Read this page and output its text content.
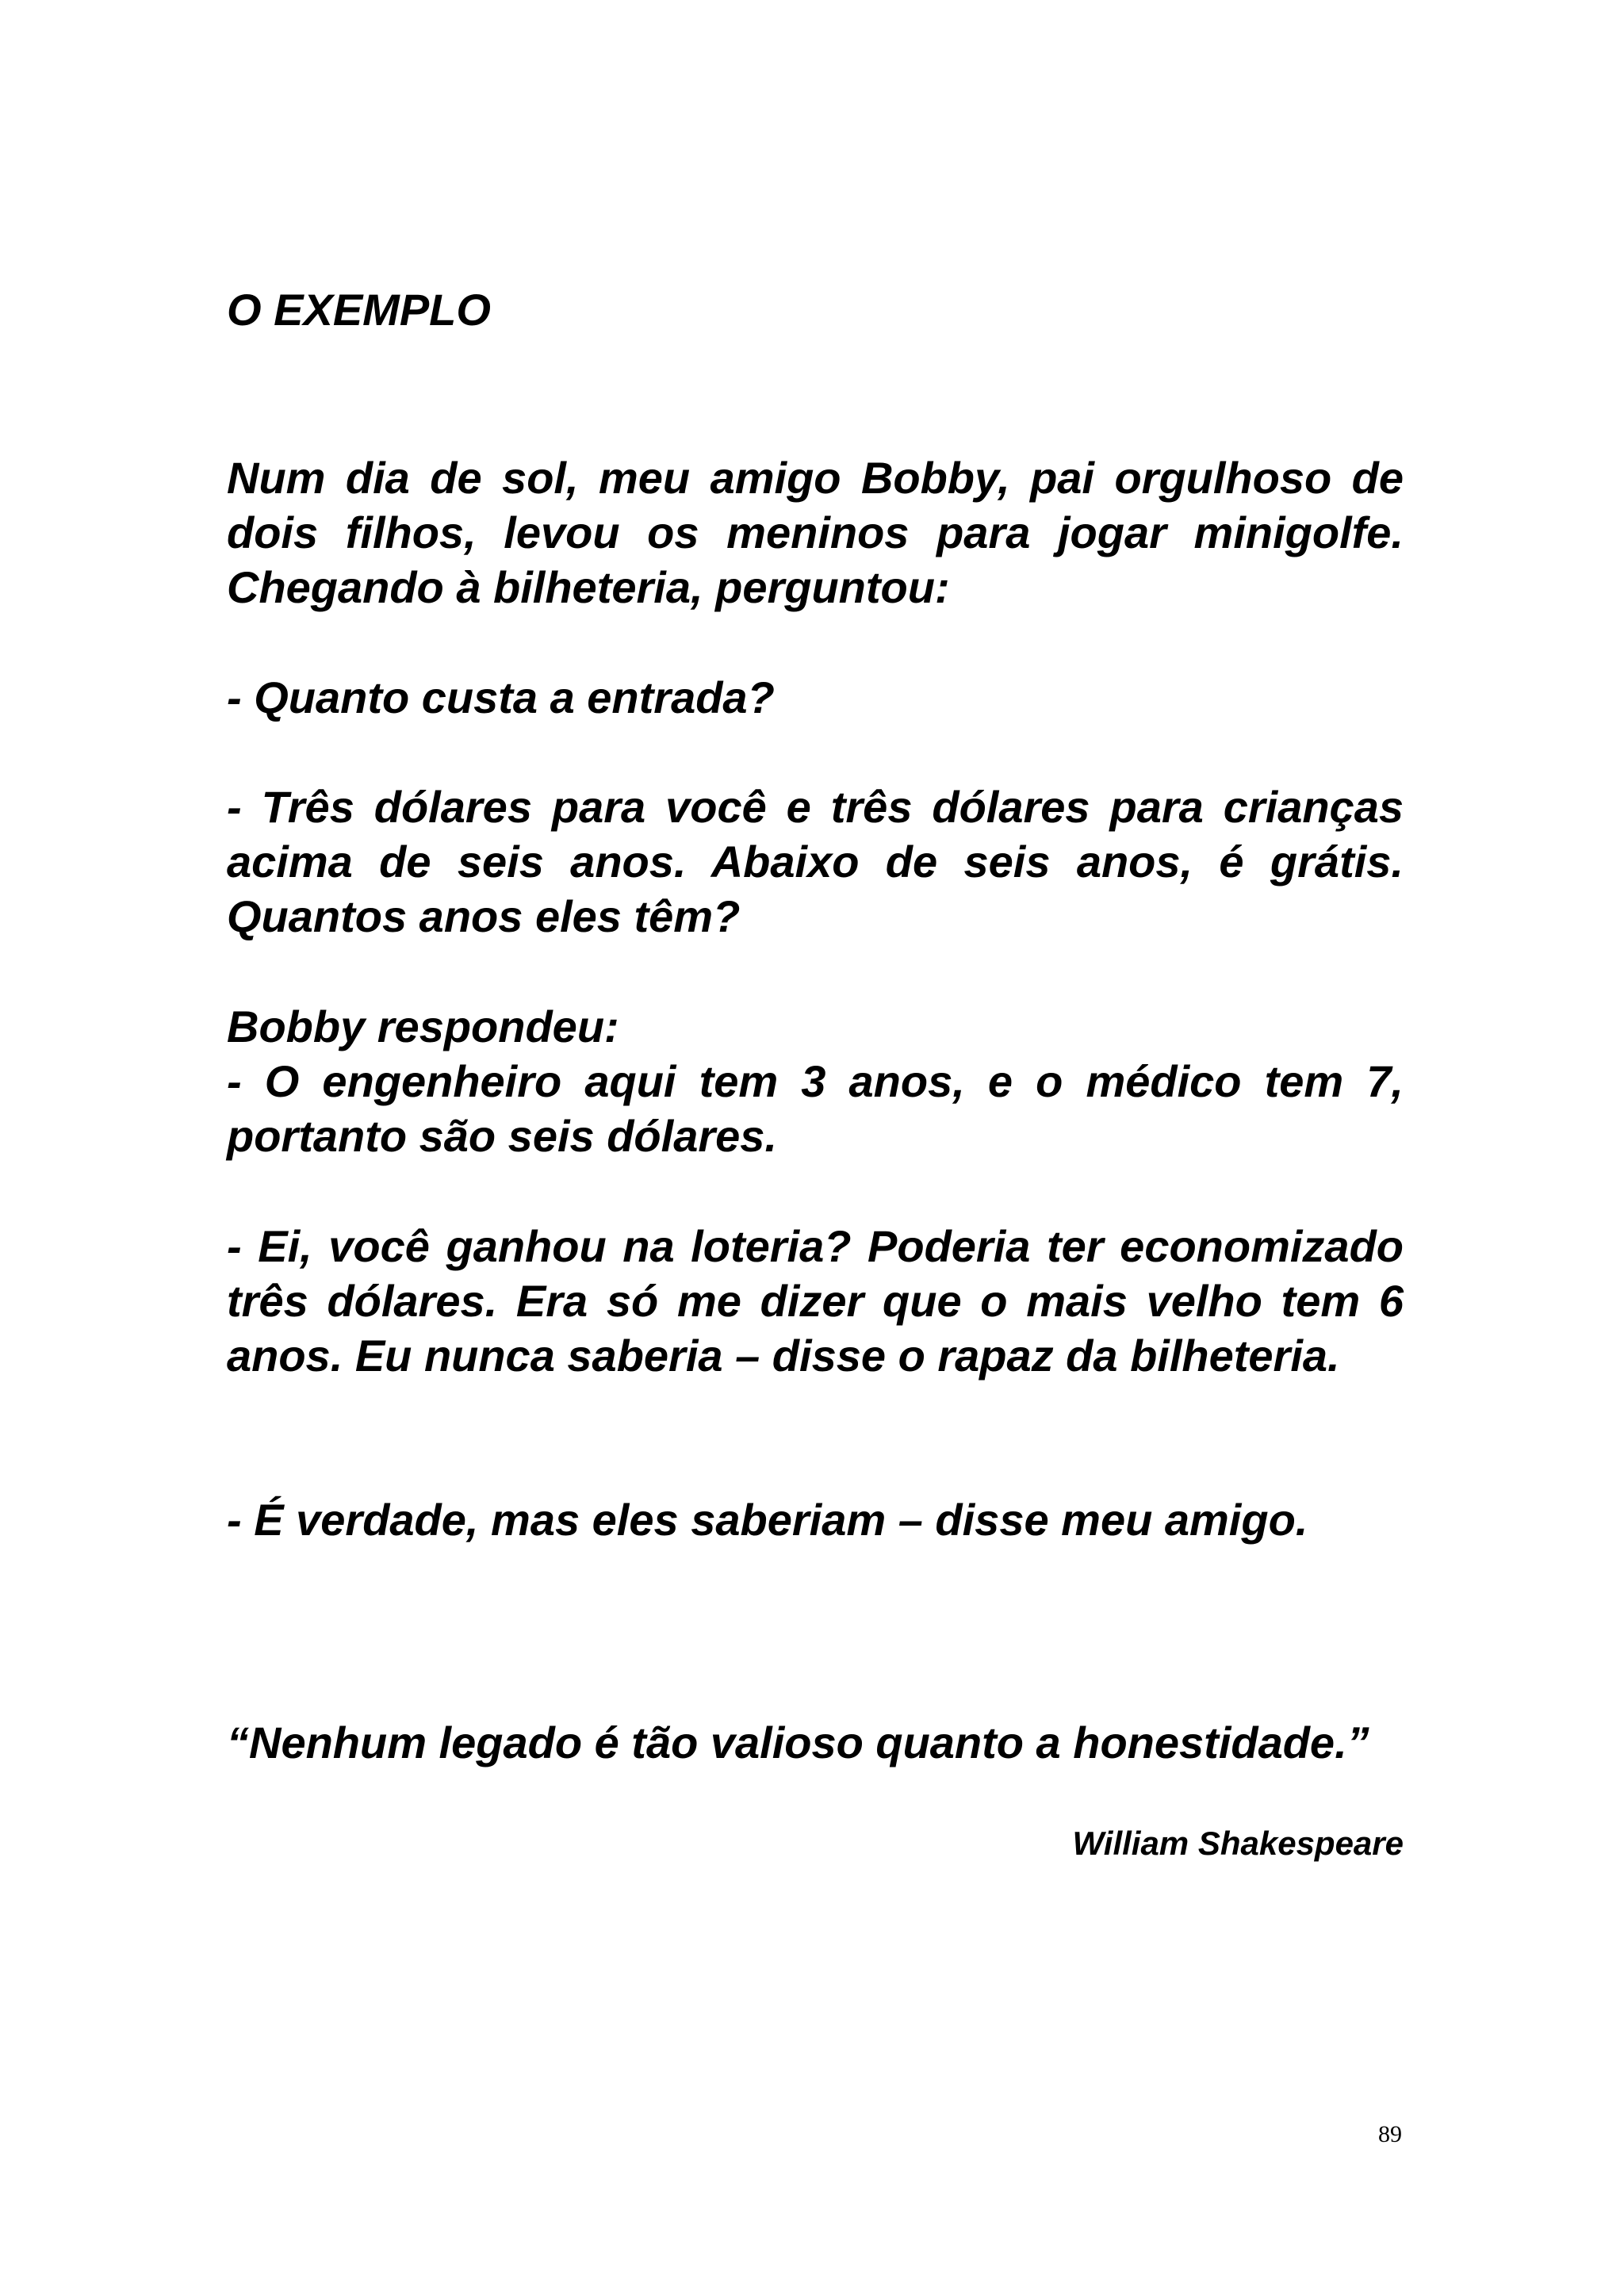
O EXEMPLO

Num dia de sol, meu amigo Bobby, pai orgulhoso de dois filhos, levou os meninos para jogar minigolfe. Chegando à bilheteria, perguntou:

- Quanto custa a entrada?

- Três dólares para você e três dólares para crianças acima de seis anos. Abaixo de seis anos, é grátis. Quantos anos eles têm?

Bobby respondeu:

- O engenheiro aqui tem 3 anos, e o médico tem 7, portanto são seis dólares.

- Ei, você ganhou na loteria? Poderia ter economizado três dólares. Era só me dizer que o mais velho tem 6 anos. Eu nunca saberia – disse o rapaz da bilheteria.

- É verdade, mas eles saberiam – disse meu amigo.

“Nenhum legado é tão valioso quanto a honestidade.”

William Shakespeare

89
